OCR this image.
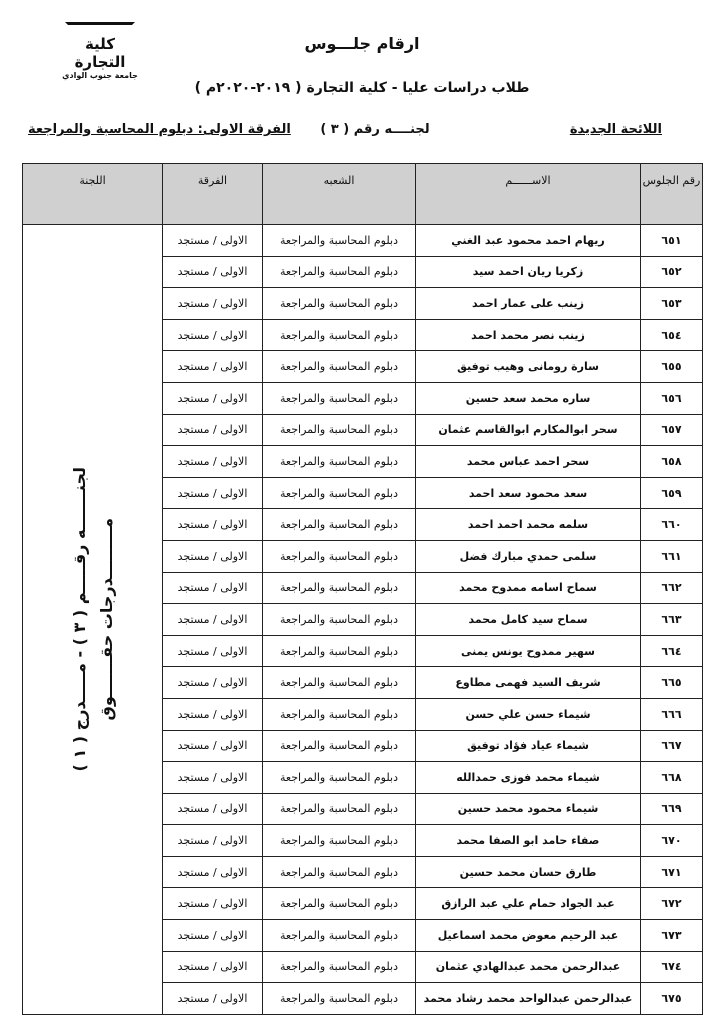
كلية التجارة
جامعة جنوب الوادي
ارقام جلـــوس
طلاب دراسات عليا - كلية التجارة ( ٢٠١٩-٢٠٢٠م )
اللائحة الجديدة
لجنــــه رقم ( ٣ )
الفرقة الاولى: دبلوم المحاسبة والمراجعة
رقم الجلوس	الاســــــم	الشعبه	الفرقة	اللجنة
٦٥١	ريهام احمد محمود عبد الغني	دبلوم المحاسبة والمراجعة	الاولى / مستجد	مـــــــــدرجات حقـــــــوق
لجنـــــــه رقـــــم ( ٣ ) - مـــــدرج ( ١ )

٦٥٢	زكريا ريان احمد سيد	دبلوم المحاسبة والمراجعة	الاولى / مستجد	
٦٥٣	زينب على عمار احمد	دبلوم المحاسبة والمراجعة	الاولى / مستجد	
٦٥٤	زينب نصر محمد احمد	دبلوم المحاسبة والمراجعة	الاولى / مستجد	
٦٥٥	سارة رومانى وهيب توفيق	دبلوم المحاسبة والمراجعة	الاولى / مستجد	
٦٥٦	ساره محمد سعد حسين	دبلوم المحاسبة والمراجعة	الاولى / مستجد	
٦٥٧	سحر ابوالمكارم ابوالقاسم عثمان	دبلوم المحاسبة والمراجعة	الاولى / مستجد	
٦٥٨	سحر احمد عباس محمد	دبلوم المحاسبة والمراجعة	الاولى / مستجد	
٦٥٩	سعد محمود سعد احمد	دبلوم المحاسبة والمراجعة	الاولى / مستجد	
٦٦٠	سلمه محمد احمد احمد	دبلوم المحاسبة والمراجعة	الاولى / مستجد	
٦٦١	سلمى حمدي مبارك فضل	دبلوم المحاسبة والمراجعة	الاولى / مستجد	
٦٦٢	سماح اسامه ممدوح محمد	دبلوم المحاسبة والمراجعة	الاولى / مستجد	
٦٦٣	سماح سيد كامل محمد	دبلوم المحاسبة والمراجعة	الاولى / مستجد	
٦٦٤	سهير ممدوح يونس يمنى	دبلوم المحاسبة والمراجعة	الاولى / مستجد	
٦٦٥	شريف السيد فهمى مطاوع	دبلوم المحاسبة والمراجعة	الاولى / مستجد	
٦٦٦	شيماء حسن علي حسن	دبلوم المحاسبة والمراجعة	الاولى / مستجد	
٦٦٧	شيماء عياد فؤاد توفيق	دبلوم المحاسبة والمراجعة	الاولى / مستجد	
٦٦٨	شيماء محمد فوزى حمدالله	دبلوم المحاسبة والمراجعة	الاولى / مستجد	
٦٦٩	شيماء محمود محمد حسين	دبلوم المحاسبة والمراجعة	الاولى / مستجد	
٦٧٠	صفاء حامد ابو الصفا محمد	دبلوم المحاسبة والمراجعة	الاولى / مستجد	
٦٧١	طارق حسان محمد حسين	دبلوم المحاسبة والمراجعة	الاولى / مستجد	
٦٧٢	عبد الجواد حمام علي عبد الرازق	دبلوم المحاسبة والمراجعة	الاولى / مستجد	
٦٧٣	عبد الرحيم معوض محمد اسماعيل	دبلوم المحاسبة والمراجعة	الاولى / مستجد	
٦٧٤	عبدالرحمن محمد عبدالهادي عثمان	دبلوم المحاسبة والمراجعة	الاولى / مستجد	
٦٧٥	عبدالرحمن عبدالواحد محمد رشاد محمد	دبلوم المحاسبة والمراجعة	الاولى / مستجد	
